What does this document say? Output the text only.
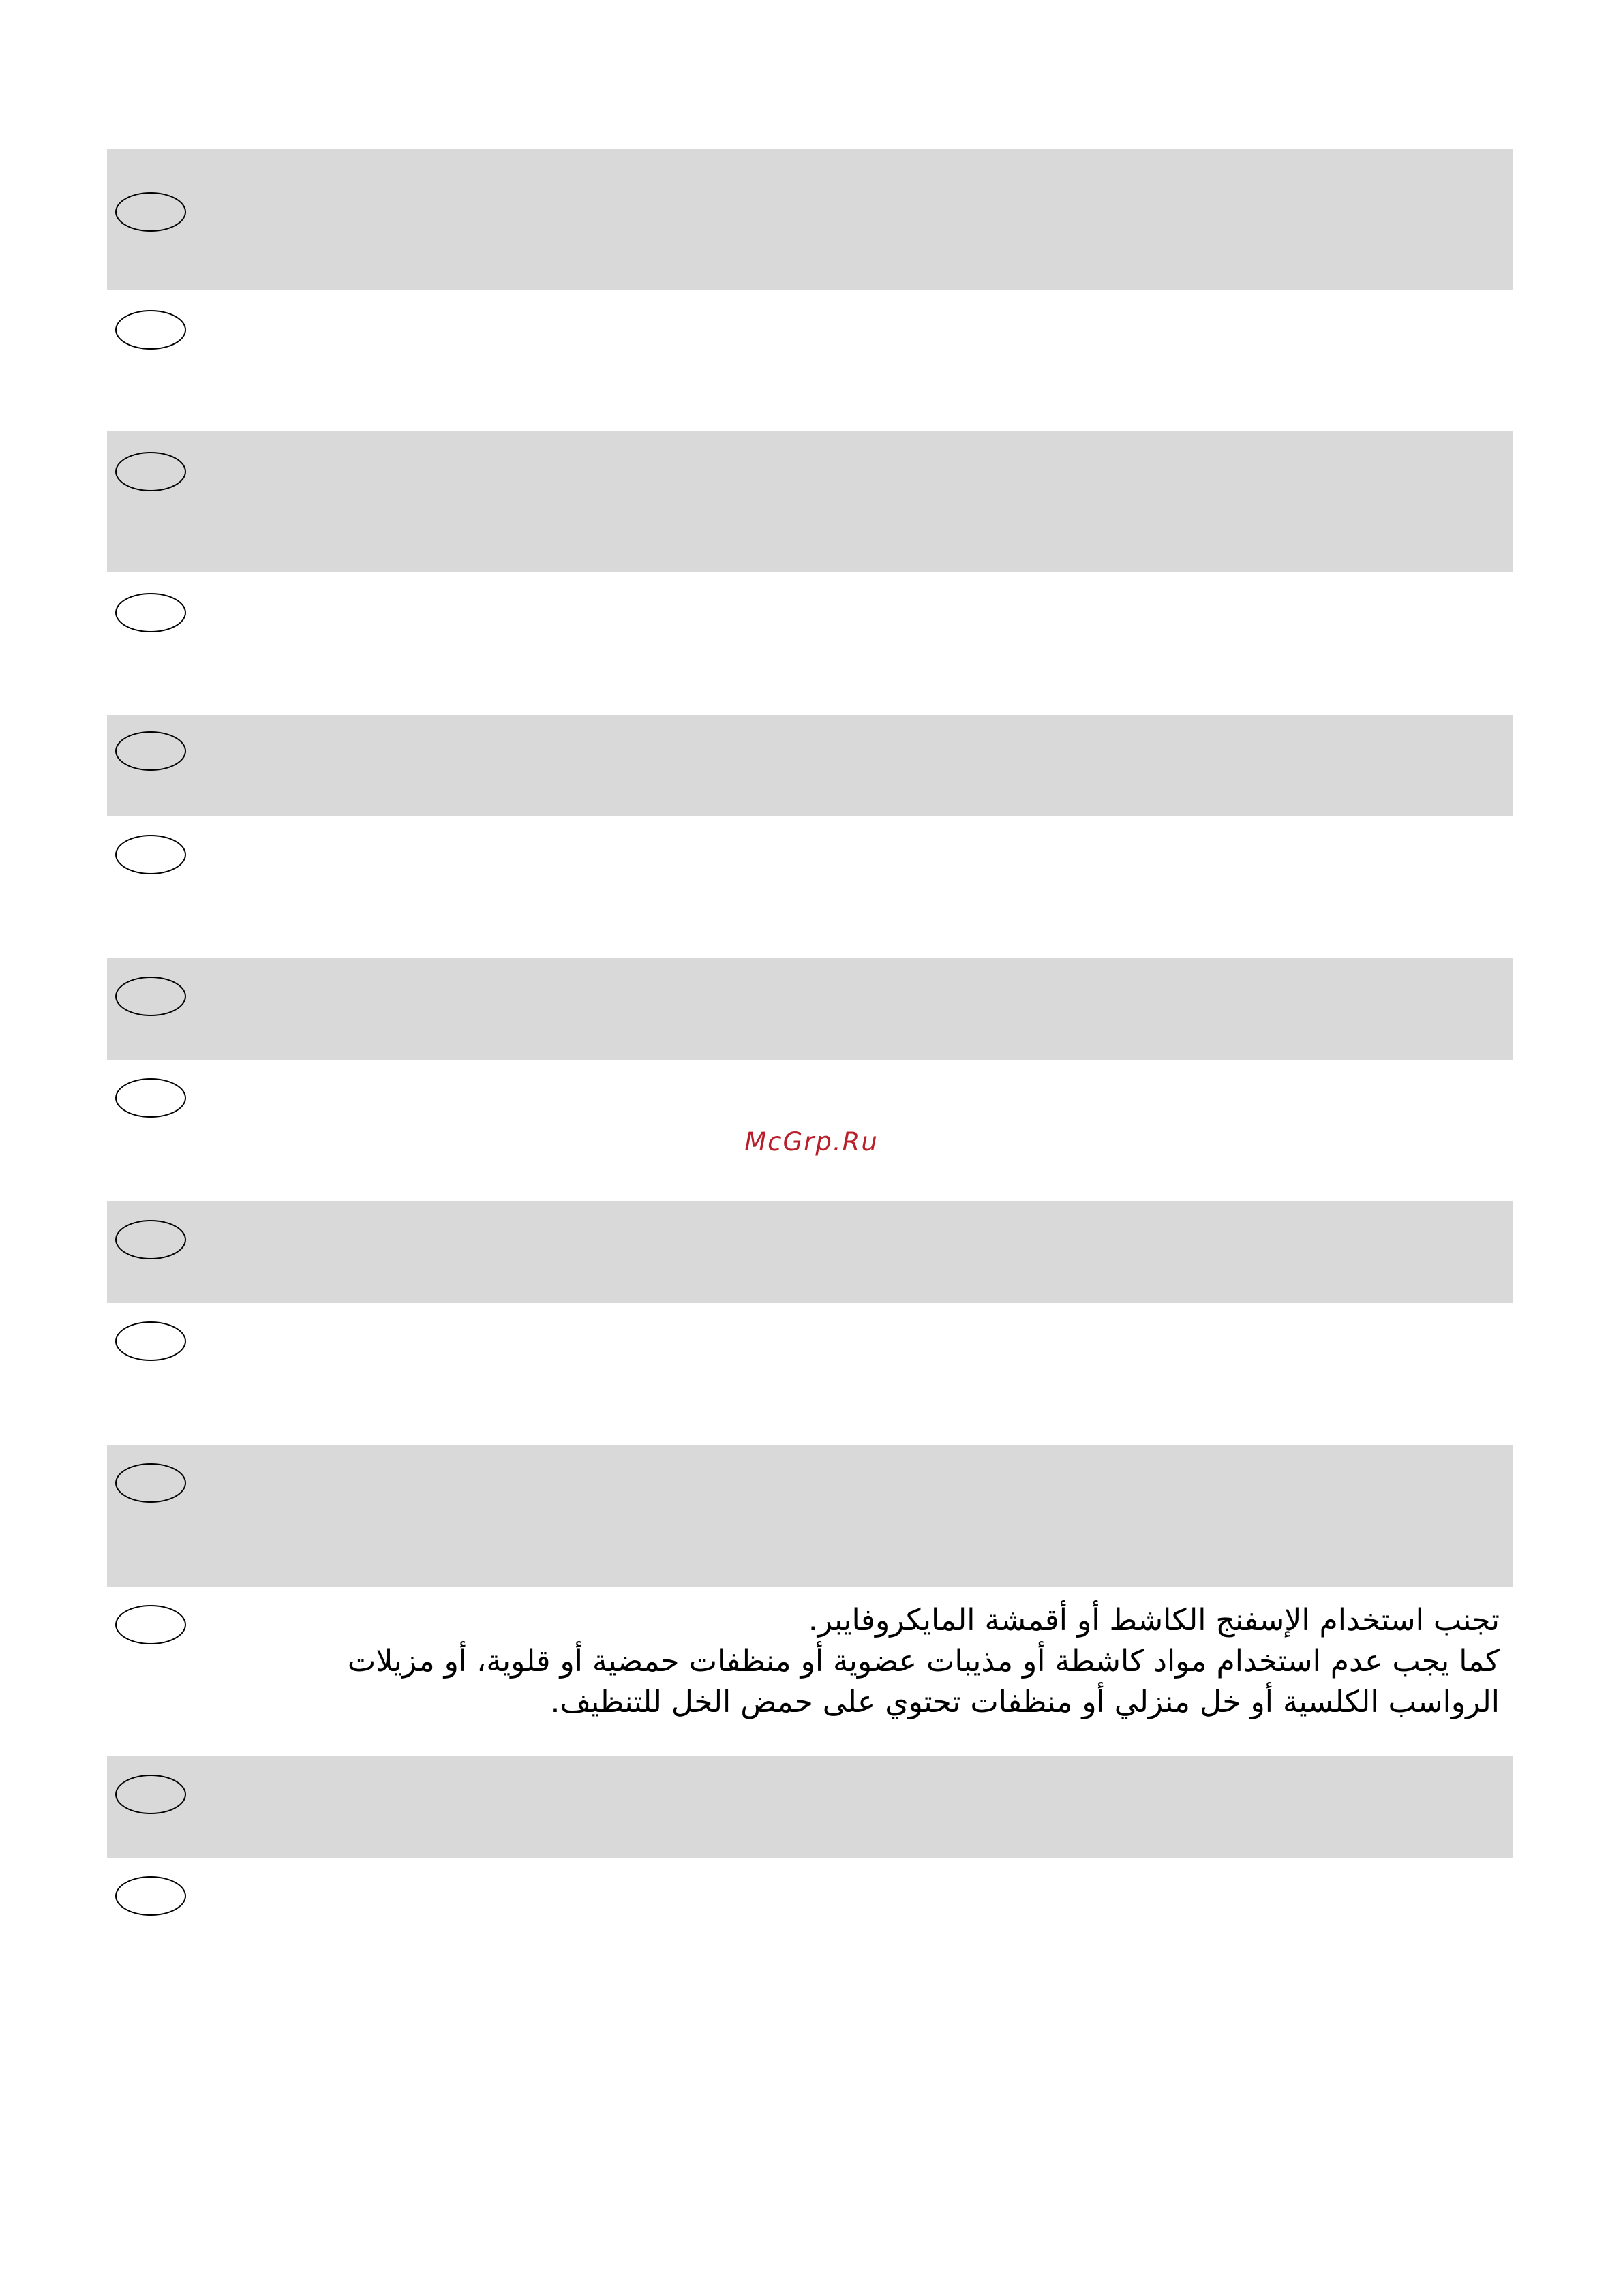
McGrp.Ru
تجنب استخدام الإسفنج الكاشط أو أقمشة المايكروفايبر.
كما يجب عدم استخدام مواد كاشطة أو مذيبات عضوية أو منظفات حمضية أو قلوية، أو مزيلات
الرواسب الكلسية أو خل منزلي أو منظفات تحتوي على حمض الخل للتنظيف.
